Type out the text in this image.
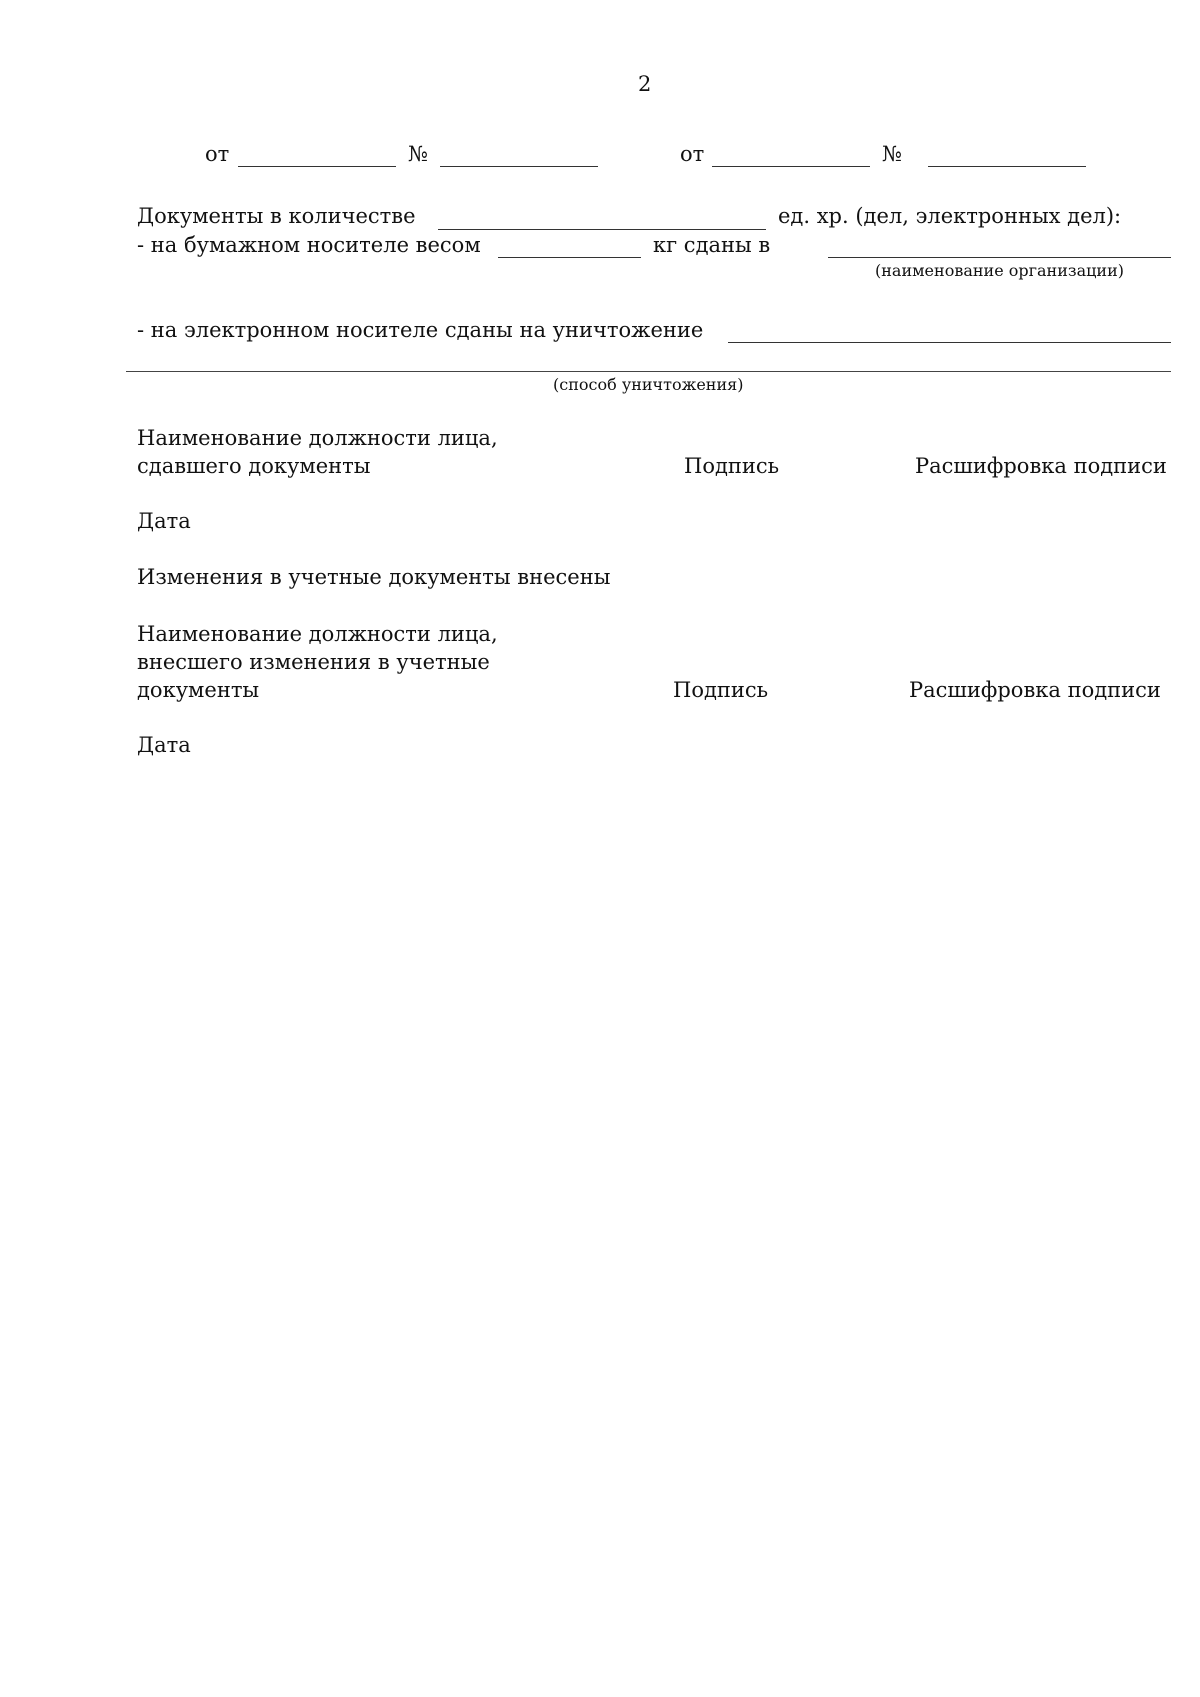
2
от	№	от	№
Документы в количестве	ед. хр. (дел, электронных дел):
- на бумажном носителе весом	кг сданы в
(наименование организации)
- на электронном носителе сданы на уничтожение
(способ уничтожения)
Наименование должности лица,
сдавшего документы	Подпись	Расшифровка подписи
Дата
Изменения в учетные документы внесены
Наименование должности лица,
внесшего изменения в учетные
документы	Подпись	Расшифровка подписи
Дата
